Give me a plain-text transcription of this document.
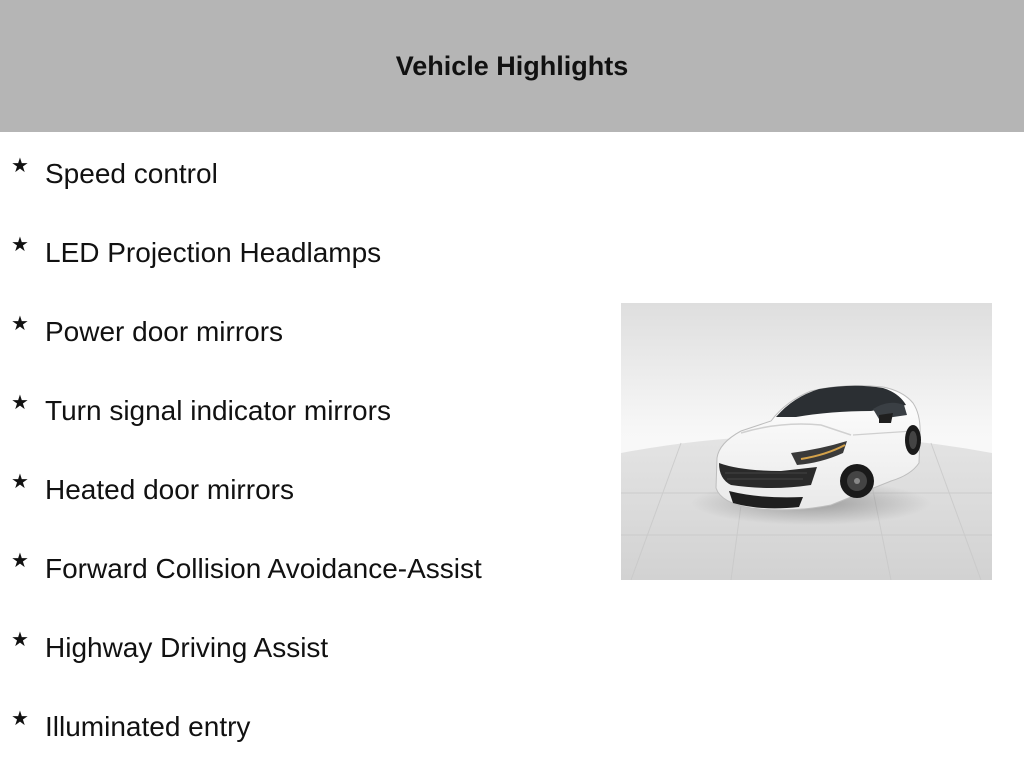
Vehicle Highlights
★ Speed control
★ LED Projection Headlamps
★ Power door mirrors
★ Turn signal indicator mirrors
★ Heated door mirrors
★ Forward Collision Avoidance-Assist
★ Highway Driving Assist
★ Illuminated entry
